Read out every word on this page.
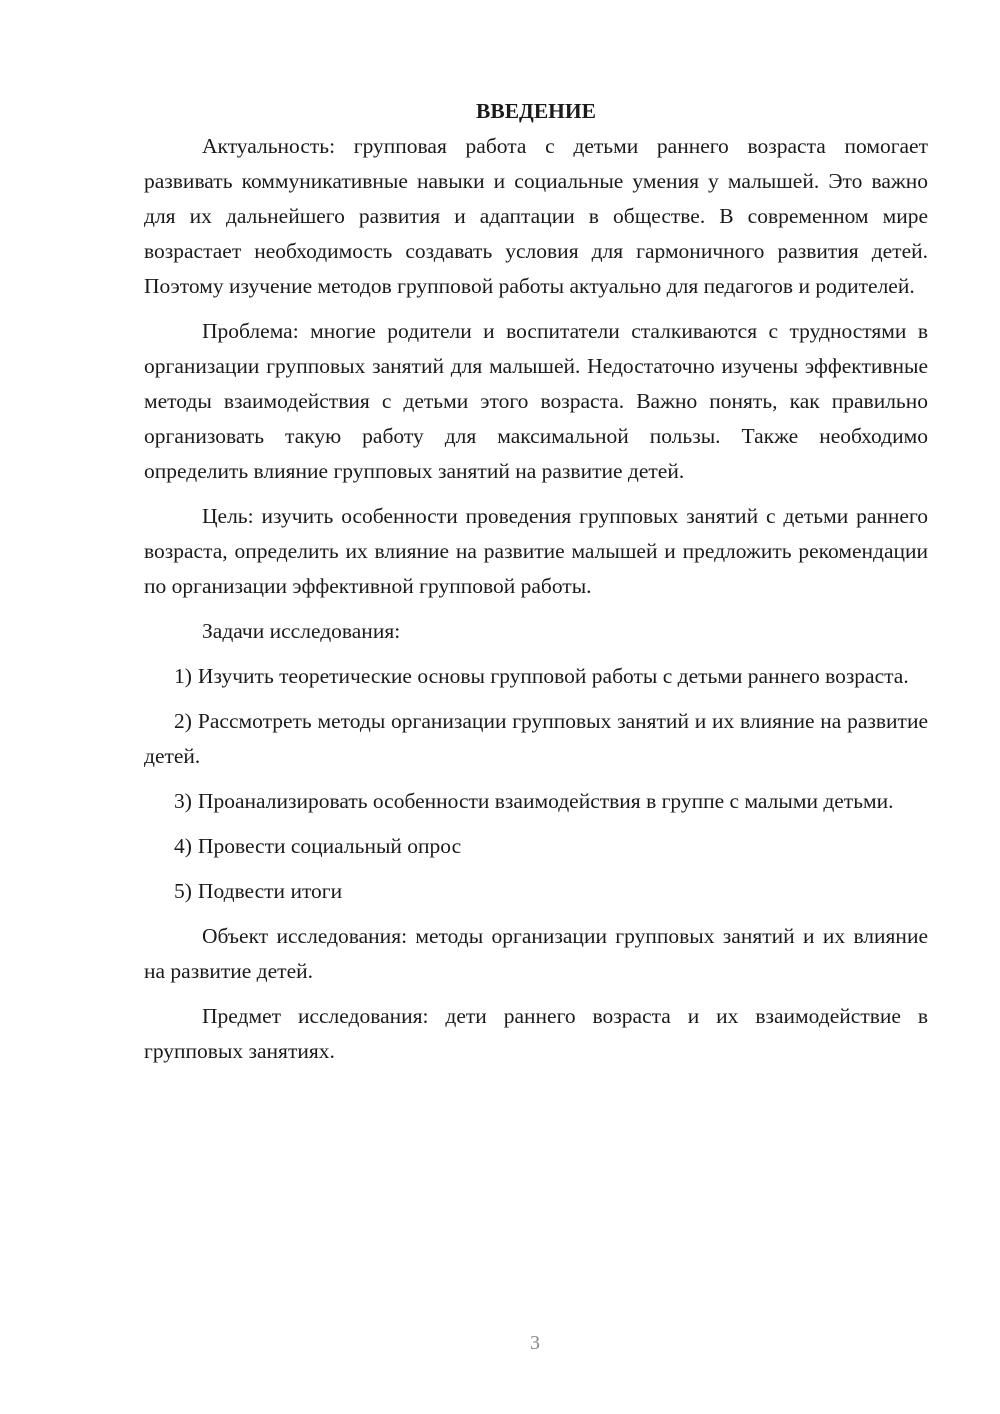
ВВЕДЕНИЕ

Актуальность: групповая работа с детьми раннего возраста помогает развивать коммуникативные навыки и социальные умения у малышей. Это важно для их дальнейшего развития и адаптации в обществе. В современном мире возрастает необходимость создавать условия для гармоничного развития детей. Поэтому изучение методов групповой работы актуально для педагогов и родителей.

Проблема: многие родители и воспитатели сталкиваются с трудностями в организации групповых занятий для малышей. Недостаточно изучены эффективные методы взаимодействия с детьми этого возраста. Важно понять, как правильно организовать такую работу для максимальной пользы. Также необходимо определить влияние групповых занятий на развитие детей.

Цель: изучить особенности проведения групповых занятий с детьми раннего возраста, определить их влияние на развитие малышей и предложить рекомендации по организации эффективной групповой работы.

Задачи исследования:

1) Изучить теоретические основы групповой работы с детьми раннего возраста.

2) Рассмотреть методы организации групповых занятий и их влияние на развитие детей.

3) Проанализировать особенности взаимодействия в группе с малыми детьми.

4) Провести социальный опрос

5) Подвести итоги

Объект исследования: методы организации групповых занятий и их влияние на развитие детей.

Предмет исследования: дети раннего возраста и их взаимодействие в групповых занятиях.

3
